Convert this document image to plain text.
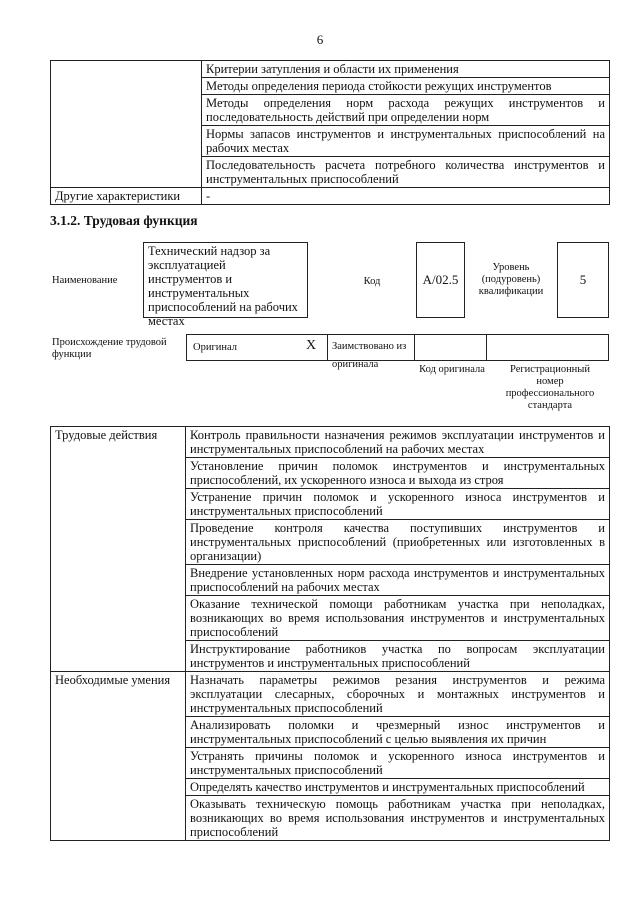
6
	Критерии затупления и области их применения
	Методы определения периода стойкости режущих инструментов
	Методы определения норм расхода режущих инструментов и последовательность действий при определении норм
	Нормы запасов инструментов и инструментальных приспособлений на рабочих местах
	Последовательность расчета потребного количества инструментов и инструментальных приспособлений
Другие характеристики	-
3.1.2. Трудовая функция
Наименование
Технический надзор за эксплуатацией инструментов и инструментальных приспособлений на рабочих местах
Код	А/02.5
Уровень (подуровень) квалификации
5
Происхождение трудовой функции
Оригинал	X	Заимствовано из оригинала	Код оригинала	Регистрационный номер профессионального стандарта
Трудовые действия	Контроль правильности назначения режимов эксплуатации инструментов и инструментальных приспособлений на рабочих местах
	Установление причин поломок инструментов и инструментальных приспособлений, их ускоренного износа и выхода из строя
	Устранение причин поломок и ускоренного износа инструментов и инструментальных приспособлений
	Проведение контроля качества поступивших инструментов и инструментальных приспособлений (приобретенных или изготовленных в организации)
	Внедрение установленных норм расхода инструментов и инструментальных приспособлений на рабочих местах
	Оказание технической помощи работникам участка при неполадках, возникающих во время использования инструментов и инструментальных приспособлений
	Инструктирование работников участка по вопросам эксплуатации инструментов и инструментальных приспособлений
Необходимые умения	Назначать параметры режимов резания инструментов и режима эксплуатации слесарных, сборочных и монтажных инструментов и инструментальных приспособлений
	Анализировать поломки и чрезмерный износ инструментов и инструментальных приспособлений с целью выявления их причин
	Устранять причины поломок и ускоренного износа инструментов и инструментальных приспособлений
	Определять качество инструментов и инструментальных приспособлений
	Оказывать техническую помощь работникам участка при неполадках, возникающих во время использования инструментов и инструментальных приспособлений
